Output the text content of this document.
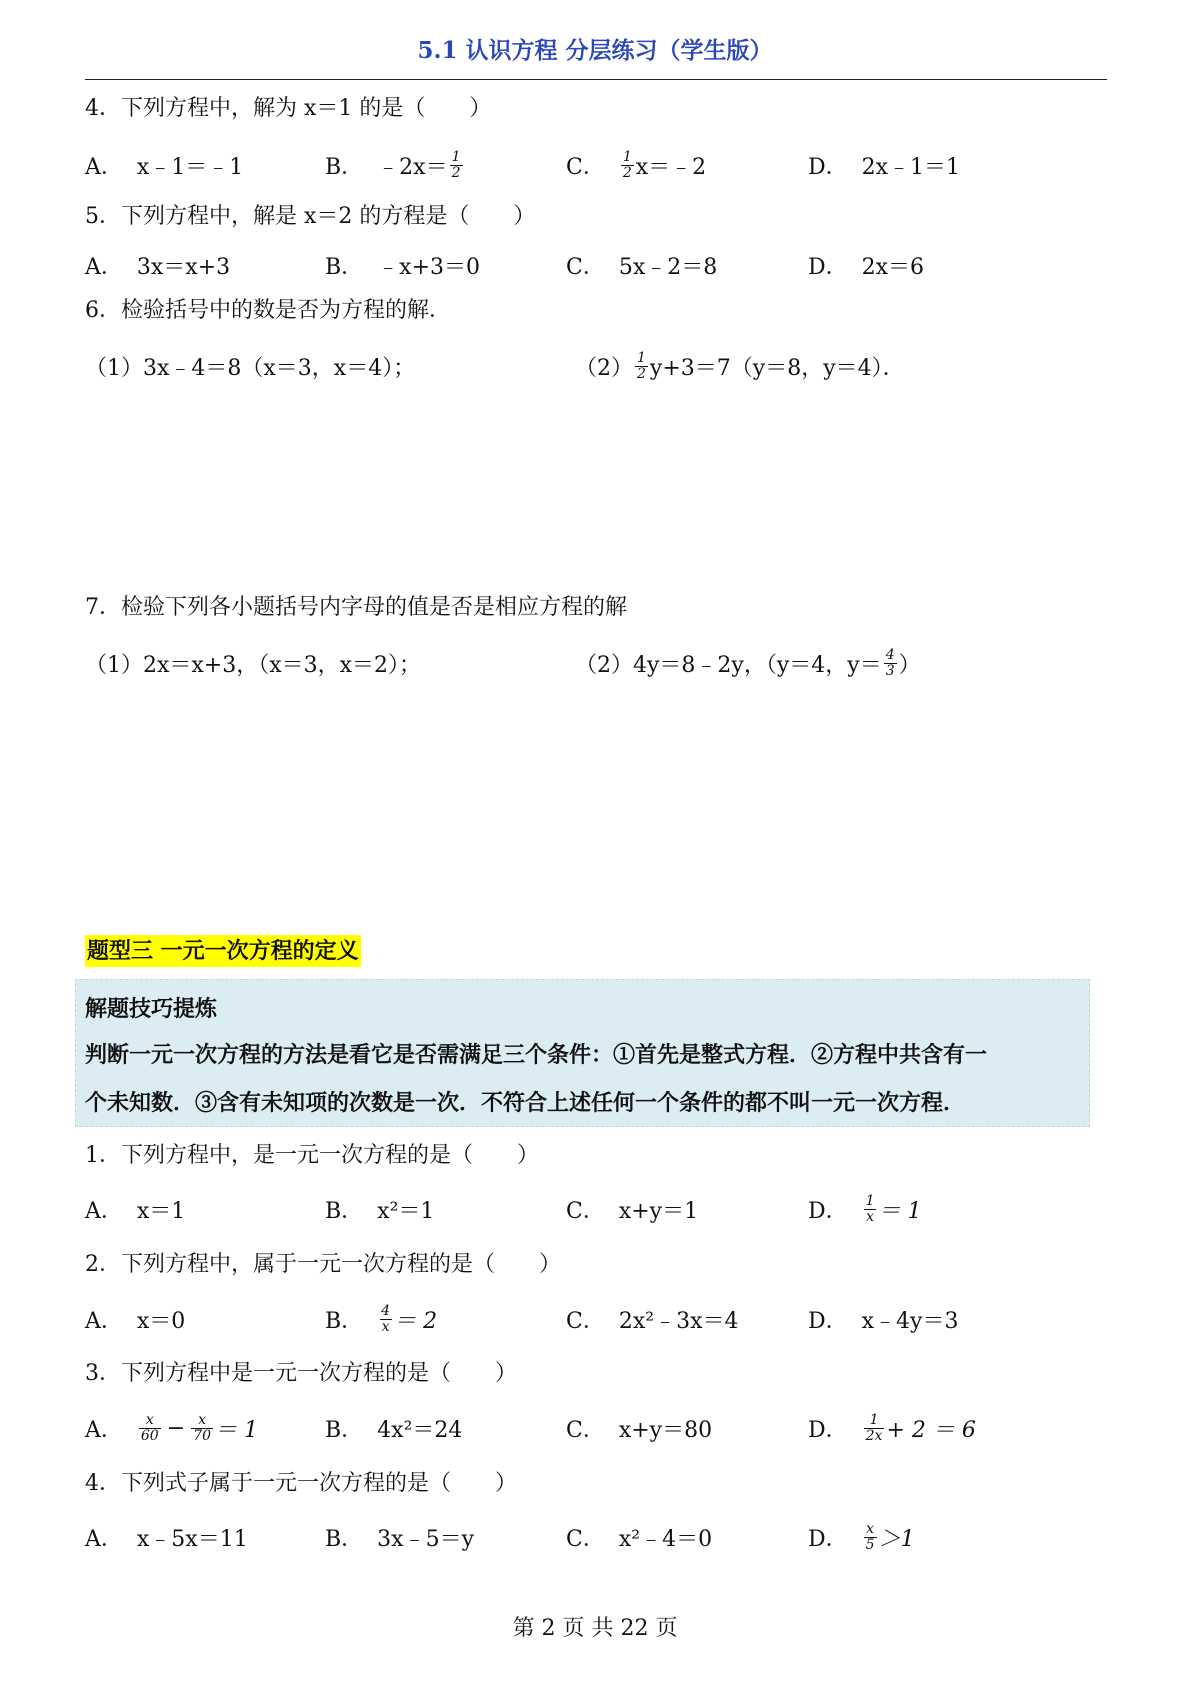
5.1 认识方程 分层练习（学生版）
4．下列方程中，解为 x＝1 的是（　　）
A． x﹣1＝﹣1	B． ﹣2x＝ $\frac{1}{2}$	C． $\frac{1}{2}$ x＝﹣2	D． 2x﹣1＝1
5．下列方程中，解是 x＝2 的方程是（　　）
A． 3x＝x+3	B． ﹣x+3＝0	C． 5x﹣2＝8	D． 2x＝6
6．检验括号中的数是否为方程的解．
（1）3x﹣4＝8（x＝3，x＝4）；	$(2) \frac{1}{2} y+3=7(y=8$，y＝4）．
7．检验下列各小题括号内字母的值是否是相应方程的解
（1）2x＝x+3，（x＝3，x＝2）；	（2）4y＝8﹣2y，（y＝4，$y= \frac{4}{3}$ ）
题型三 一元一次方程的定义
解题技巧提炼
判断一元一次方程的方法是看它是否需满足三个条件：①首先是整式方程．②方程中共含有一
个未知数．③含有未知项的次数是一次．不符合上述任何一个条件的都不叫一元一次方程．
1．下列方程中，是一元一次方程的是（　　）
A． x＝1	B． x²＝1	C． x+y＝1	D． $\frac{1}{x} = 1$
2．下列方程中，属于一元一次方程的是（　　）
A． x＝0	B． $\frac{4}{x} = 2$	C． 2x²﹣3x＝4	D． x﹣4y＝3
3．下列方程中是一元一次方程的是（　　）
A． $\frac{x}{60} - \frac{x}{70} = 1$	B． 4x²＝24	C． x+y＝80	D． $\frac{1}{2x} + 2 = 6$
4．下列式子属于一元一次方程的是（　　）
A． x﹣5x＝11	B． 3x﹣5＝y	C． x²﹣4＝0	D． $\frac{x}{5} >1$
第 2 页 共 22 页
